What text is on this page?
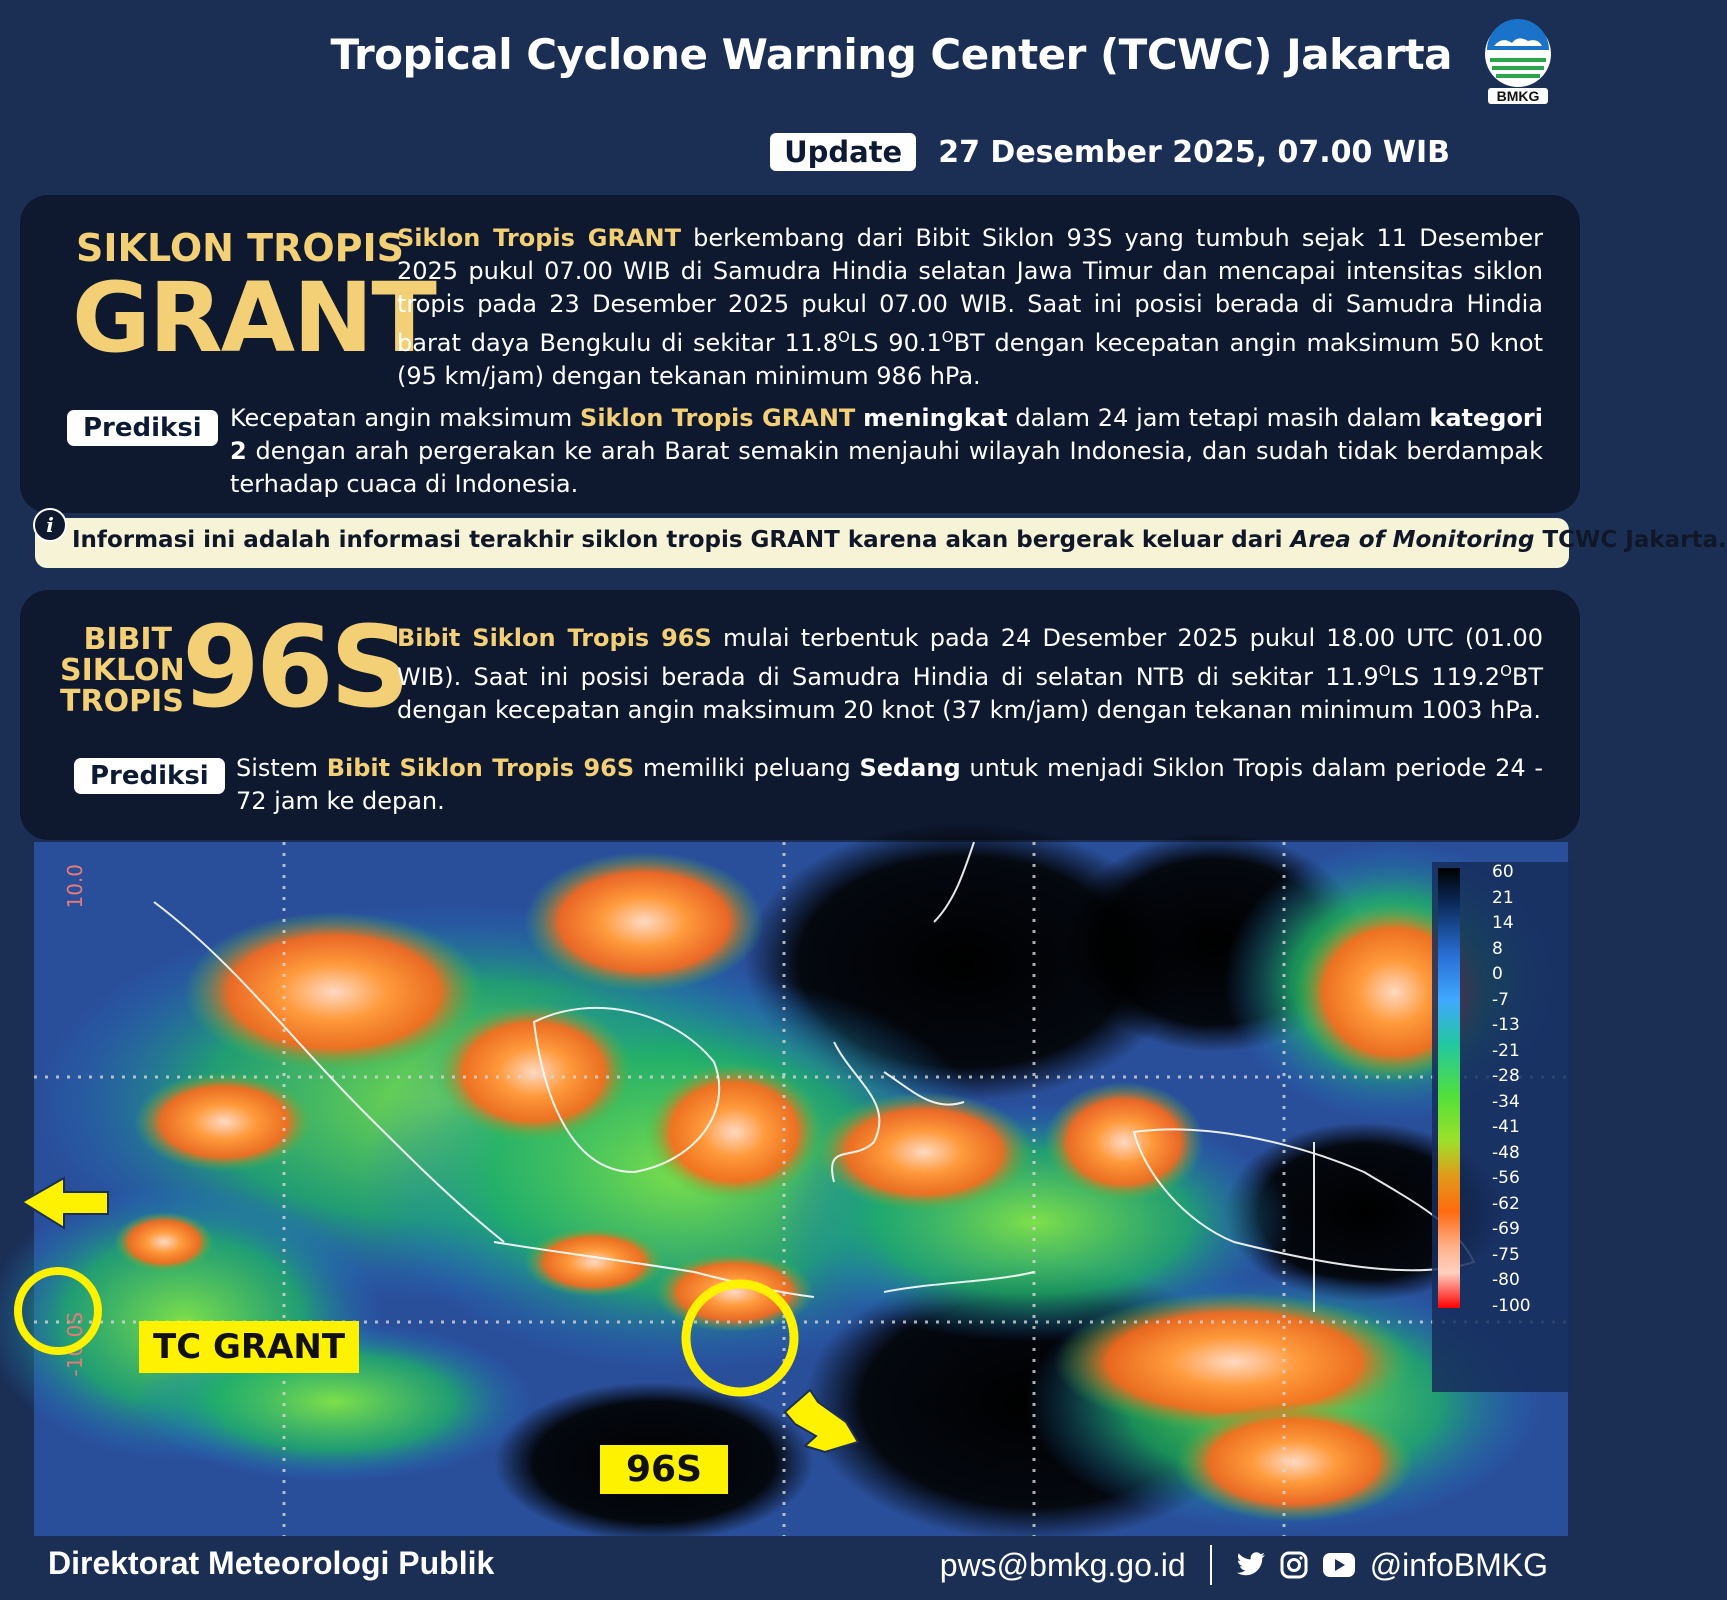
Tropical Cyclone Warning Center (TCWC) Jakarta
BMKG
Update	27 Desember 2025, 07.00 WIB
SIKLON TROPIS
GRANT
Siklon Tropis GRANT berkembang dari Bibit Siklon 93S yang tumbuh sejak 11 Desember 2025 pukul 07.00 WIB di Samudra Hindia selatan Jawa Timur dan mencapai intensitas siklon tropis pada 23 Desember 2025 pukul 07.00 WIB. Saat ini posisi berada di Samudra Hindia barat daya Bengkulu di sekitar $11.8^OLS$ $90.1^OBT$ dengan kecepatan angin maksimum 50 knot (95 km/jam) dengan tekanan minimum 986 hPa.
Prediksi	Kecepatan angin maksimum Siklon Tropis GRANT meningkat dalam 24 jam tetapi masih dalam kategori 2 dengan arah pergerakan ke arah Barat semakin menjauhi wilayah Indonesia, dan sudah tidak berdampak terhadap cuaca di Indonesia.
i
Informasi ini adalah informasi terakhir siklon tropis GRANT karena akan bergerak keluar dari Area of Monitoring TCWC Jakarta.
BIBIT
SIKLON
TROPIS
96S
Bibit Siklon Tropis 96S mulai terbentuk pada 24 Desember 2025 pukul 18.00 UTC (01.00 WIB). Saat ini posisi berada di Samudra Hindia di selatan NTB di sekitar $11.9^OLS$ $119.2^OBT$ dengan kecepatan angin maksimum 20 knot (37 km/jam) dengan tekanan minimum 1003 hPa.
Prediksi	Sistem Bibit Siklon Tropis 96S memiliki peluang Sedang untuk menjadi Siklon Tropis dalam periode 24 - 72 jam ke depan.
10.0
-10.0S
60
21
14
8
0
-7
-13
-21
-28
-34
-41
-48
-56
-62
-69
-75
-80
-100
TC GRANT
96S
Direktorat Meteorologi Publik	pws@bmkg.go.id	@infoBMKG
